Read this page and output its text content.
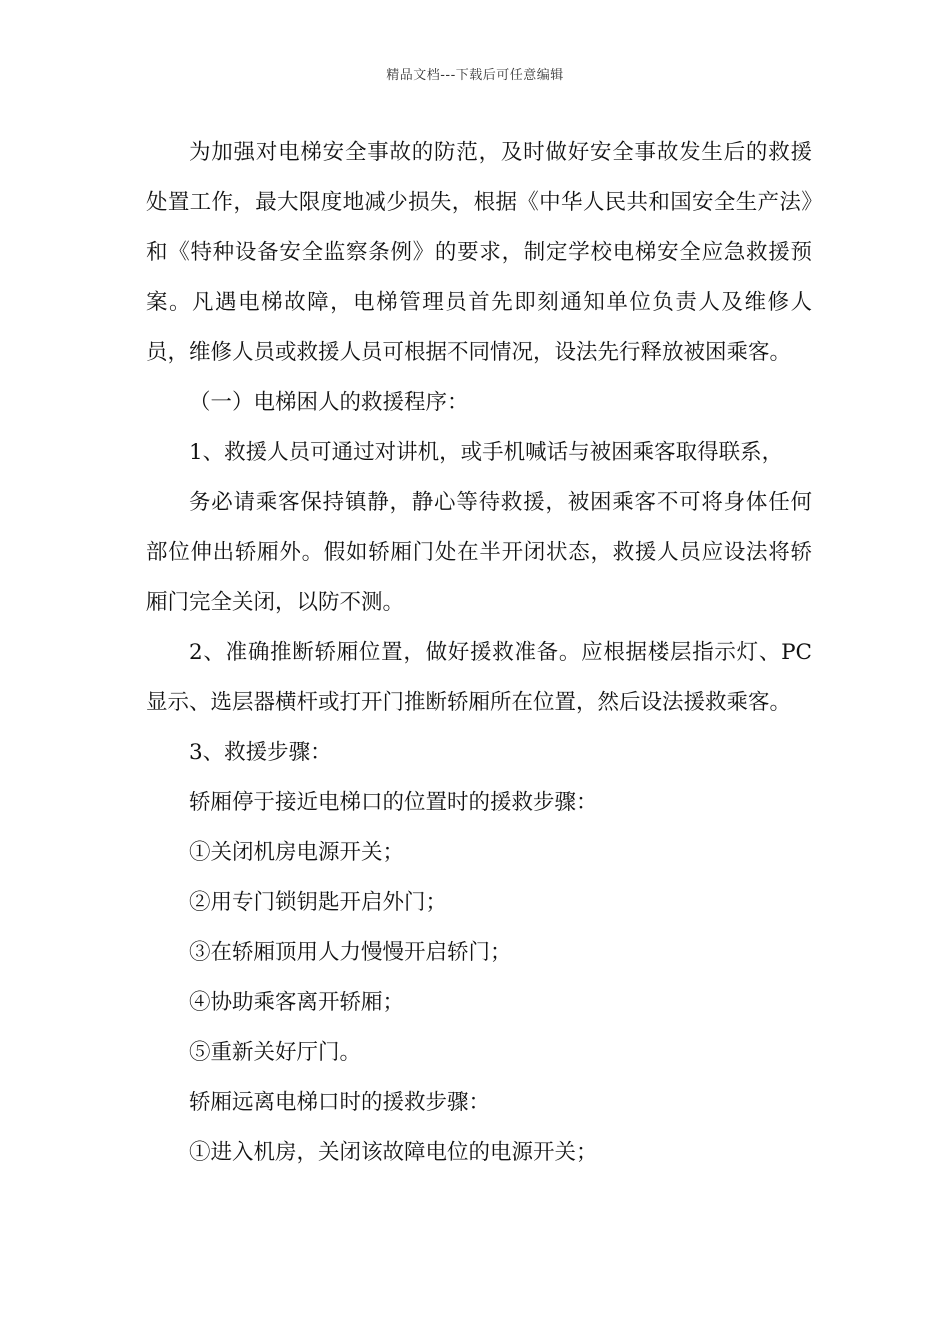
精品文档---下载后可任意编辑

为加强对电梯安全事故的防范，及时做好安全事故发生后的救援处置工作，最大限度地减少损失，根据《中华人民共和国安全生产法》和《特种设备安全监察条例》的要求，制定学校电梯安全应急救援预案。凡遇电梯故障，电梯管理员首先即刻通知单位负责人及维修人员，维修人员或救援人员可根据不同情况，设法先行释放被困乘客。

（一）电梯困人的救援程序：

1、救援人员可通过对讲机，或手机喊话与被困乘客取得联系，

务必请乘客保持镇静，静心等待救援，被困乘客不可将身体任何部位伸出轿厢外。假如轿厢门处在半开闭状态，救援人员应设法将轿厢门完全关闭，以防不测。

2、准确推断轿厢位置，做好援救准备。应根据楼层指示灯、PC显示、选层器横杆或打开门推断轿厢所在位置，然后设法援救乘客。

3、救援步骤：

轿厢停于接近电梯口的位置时的援救步骤：

①关闭机房电源开关；

②用专门锁钥匙开启外门；

③在轿厢顶用人力慢慢开启轿门；

④协助乘客离开轿厢；

⑤重新关好厅门。

轿厢远离电梯口时的援救步骤：

①进入机房，关闭该故障电位的电源开关；
